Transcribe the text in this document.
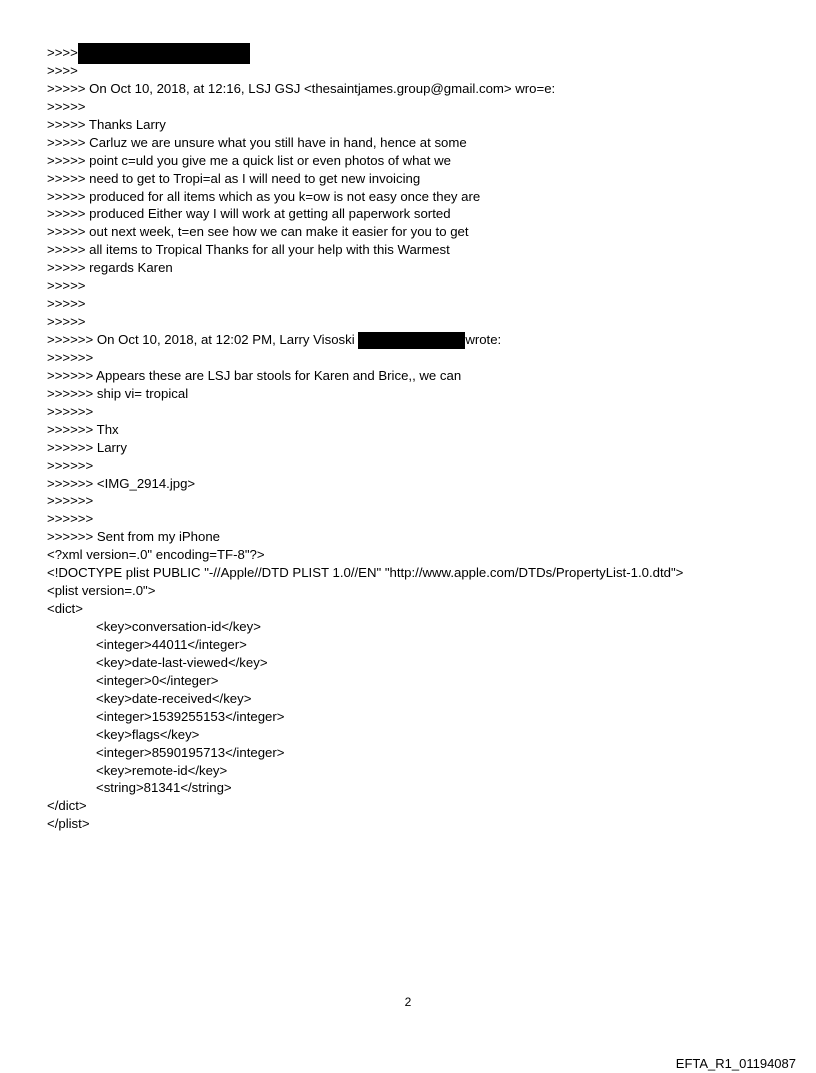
>>>>
>>>>
>>>>> On Oct 10, 2018, at 12:16, LSJ GSJ <thesaintjames.group@gmail.com> wro=e:
>>>>>
>>>>> Thanks Larry
>>>>> Carluz we are unsure what you still have in hand, hence at some
>>>>> point c=uld you give me a quick list or even photos of what we
>>>>> need to get to Tropi=al as I will need to get new invoicing
>>>>> produced for all items which as you k=ow is not easy once they are
>>>>> produced Either way I will work at getting all paperwork sorted
>>>>> out next week, t=en see how we can make it easier for you to get
>>>>> all items to Tropical Thanks for all your help with this Warmest
>>>>> regards Karen
>>>>>
>>>>>
>>>>>
>>>>>> On Oct 10, 2018, at 12:02 PM, Larry Visoski	wrote:
>>>>>>
>>>>>> Appears these are LSJ bar stools for Karen and Brice,, we can
>>>>>> ship vi= tropical
>>>>>>
>>>>>> Thx
>>>>>> Larry
>>>>>>
>>>>>> <IMG_2914.jpg>
>>>>>>
>>>>>>
>>>>>> Sent from my iPhone
<?xml version=.0" encoding=TF-8"?>
<!DOCTYPE plist PUBLIC "-//Apple//DTD PLIST 1.0//EN" "http://www.apple.com/DTDs/PropertyList-1.0.dtd">
<plist version=.0">
<dict>
<key>conversation-id</key>
<integer>44011</integer>
<key>date-last-viewed</key>
<integer>0</integer>
<key>date-received</key>
<integer>1539255153</integer>
<key>flags</key>
<integer>8590195713</integer>
<key>remote-id</key>
<string>81341</string>
</dict>
</plist>
2
EFTA_R1_01194087
